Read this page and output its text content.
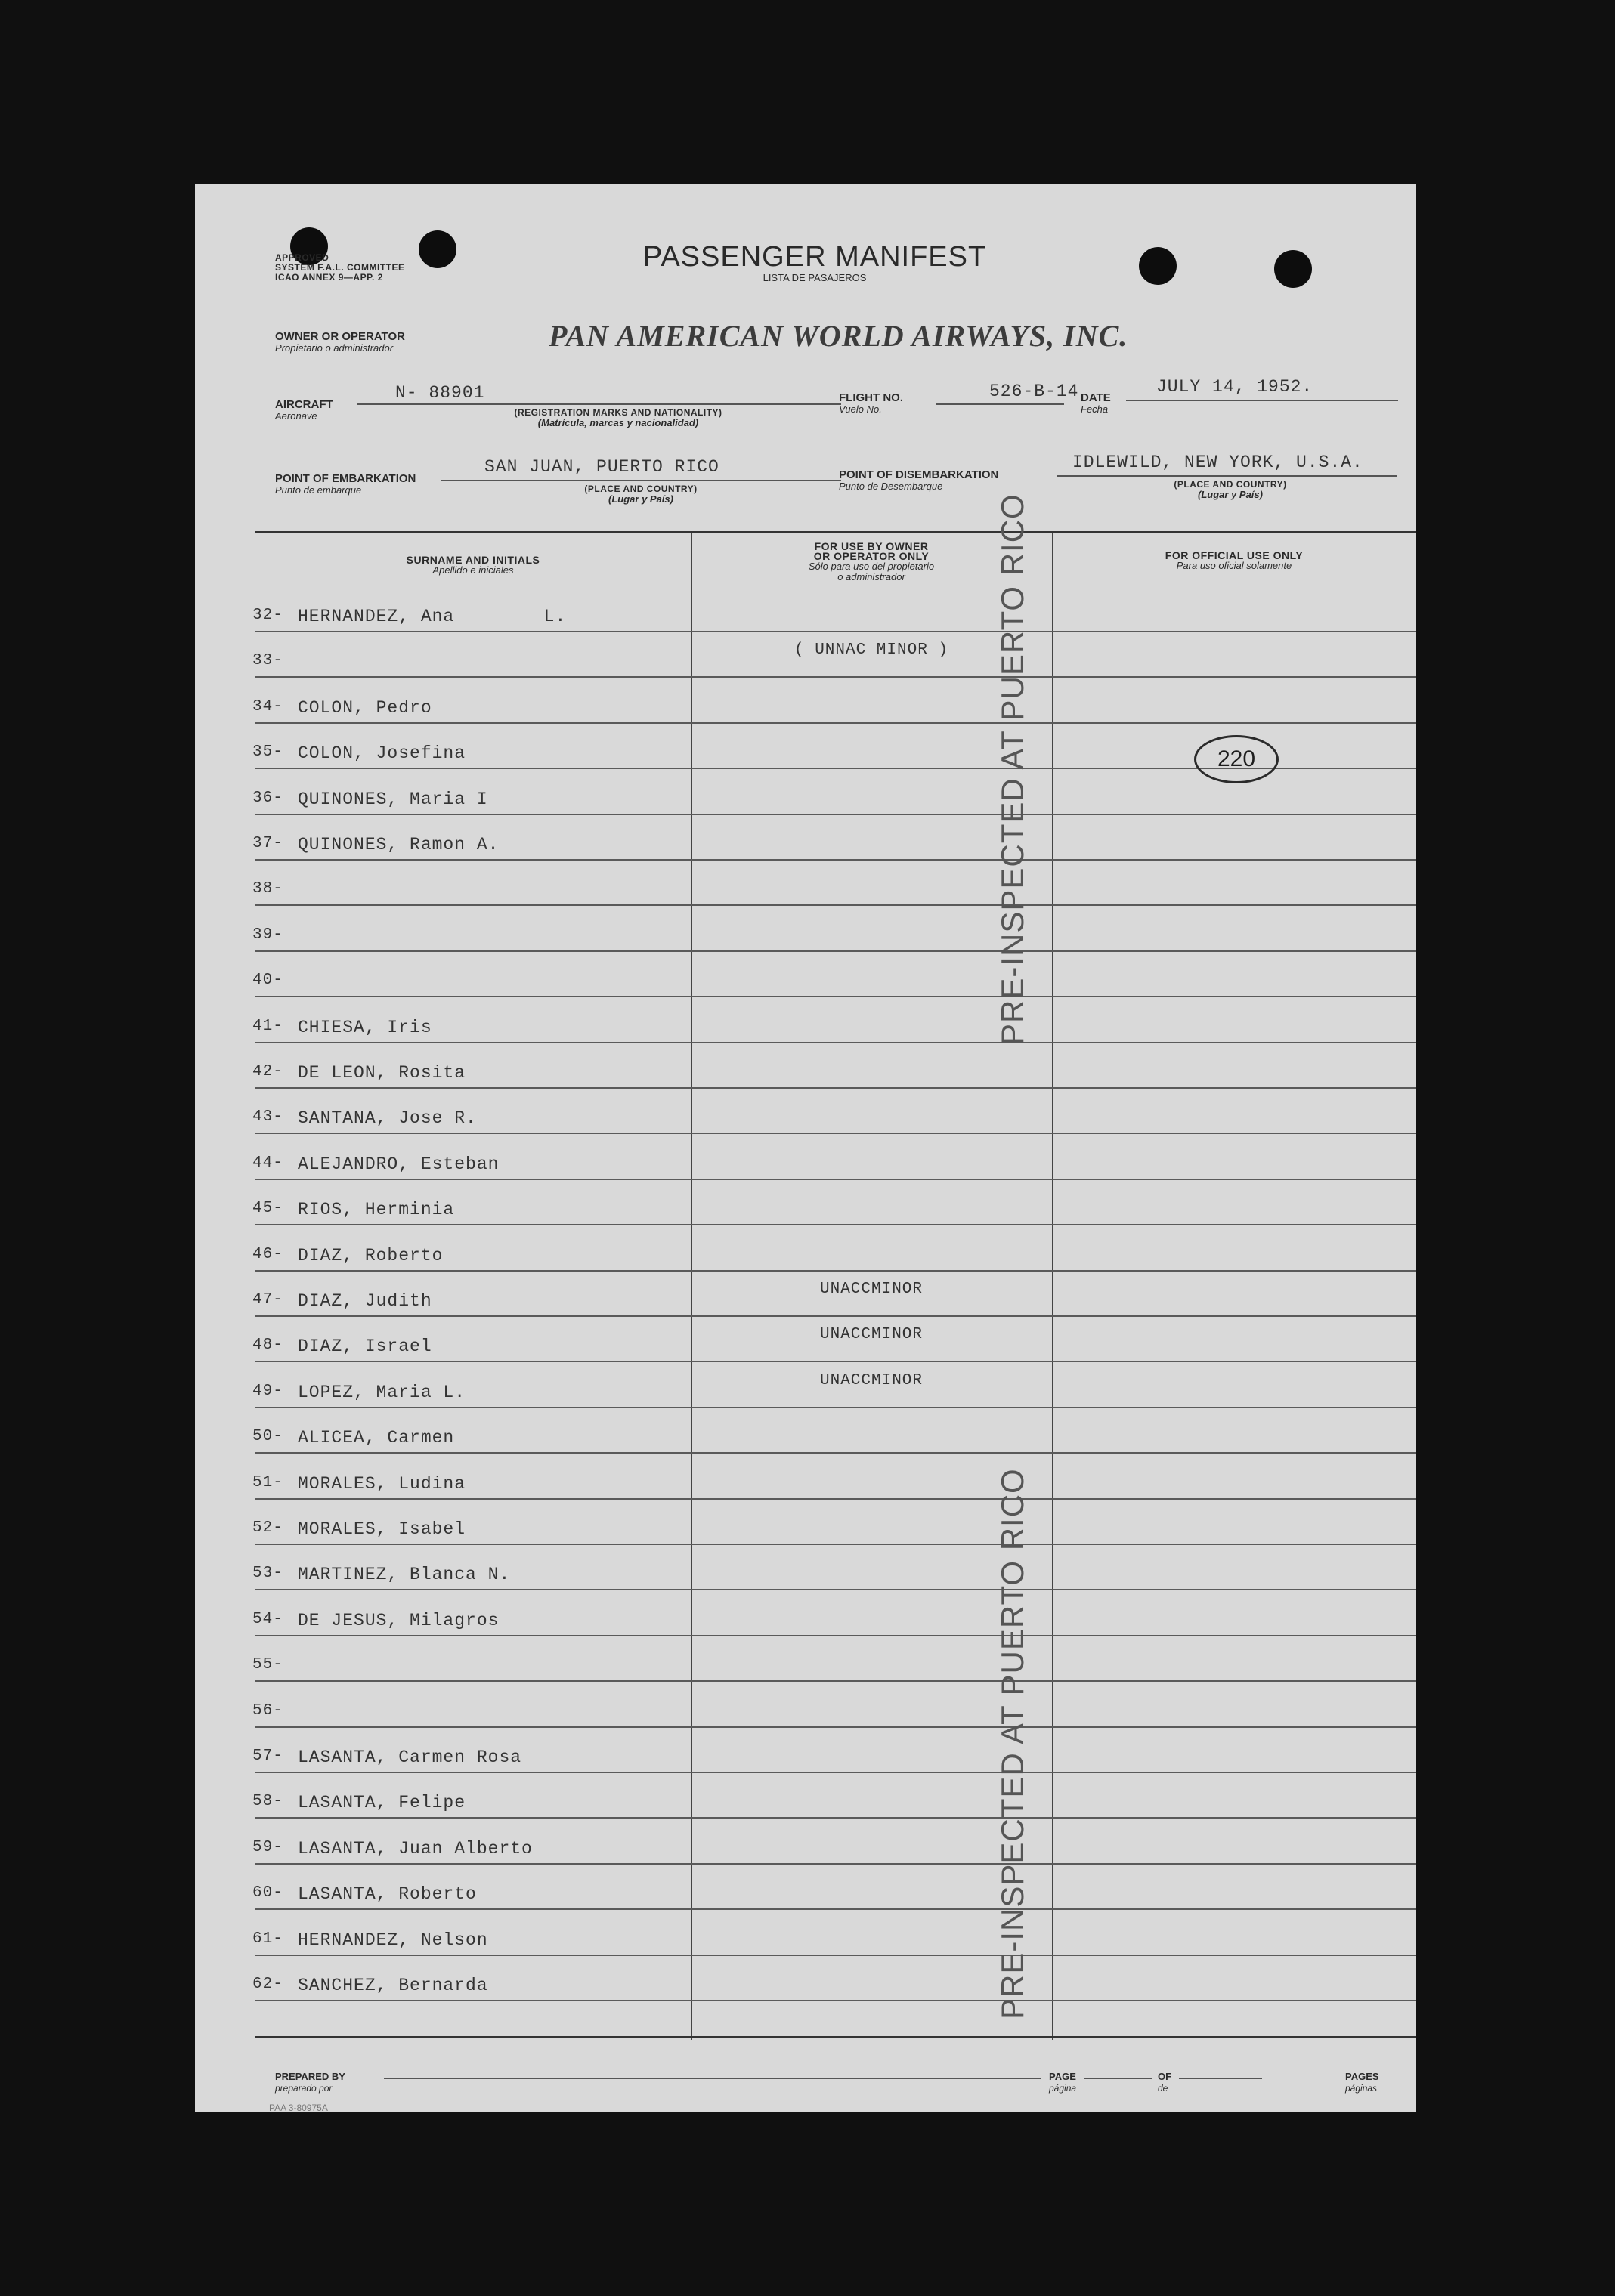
APPROVED
SYSTEM F.A.L. COMMITTEE
ICAO ANNEX 9—APP. 2
PASSENGER MANIFEST
LISTA DE PASAJEROS
OWNER OR OPERATOR
Propietario o administrador	PAN AMERICAN WORLD AIRWAYS, INC.
AIRCRAFT
Aeronave
N- 88901
(REGISTRATION MARKS AND NATIONALITY)
(Matrícula, marcas y nacionalidad)
FLIGHT NO.
Vuelo No.
526-B-14 DATE
Fecha
JULY 14, 1952.
POINT OF EMBARKATION
Punto de embarque
SAN JUAN, PUERTO RICO
(PLACE AND COUNTRY)
(Lugar y País)
POINT OF DISEMBARKATION
Punto de Desembarque
IDLEWILD, NEW YORK, U.S.A.
(PLACE AND COUNTRY)
(Lugar y País)
SURNAME AND INITIALS
Apellido e iniciales
FOR USE BY OWNER
OR OPERATOR ONLY
Sólo para uso del propietario
o administrador
FOR OFFICIAL USE ONLY
Para uso oficial solamente
32- HERNANDEZ, Ana        L.
33-
( UNNAC MINOR )
34- COLON, Pedro
35- COLON, Josefina
36- QUINONES, Maria I
37- QUINONES, Ramon A.
38-
39-
40-
41- CHIESA, Iris
42- DE LEON, Rosita
43- SANTANA, Jose R.
44- ALEJANDRO, Esteban
45- RIOS, Herminia
46- DIAZ, Roberto
47- DIAZ, Judith
UNACCMINOR
48- DIAZ, Israel
UNACCMINOR
49- LOPEZ, Maria L.
UNACCMINOR
50- ALICEA, Carmen
51- MORALES, Ludina
52- MORALES, Isabel
53- MARTINEZ, Blanca N.
54- DE JESUS, Milagros
55-
56-
57- LASANTA, Carmen Rosa
58- LASANTA, Felipe
59- LASANTA, Juan Alberto
60- LASANTA, Roberto
61- HERNANDEZ, Nelson
62- SANCHEZ, Bernarda
PRE-INSPECTED AT PUERTO RICO
PRE-INSPECTED AT PUERTO RICO
220
PREPARED BY
preparado por
PAGE
página
OF
de
PAGES
páginas
PAA 3-80975A
